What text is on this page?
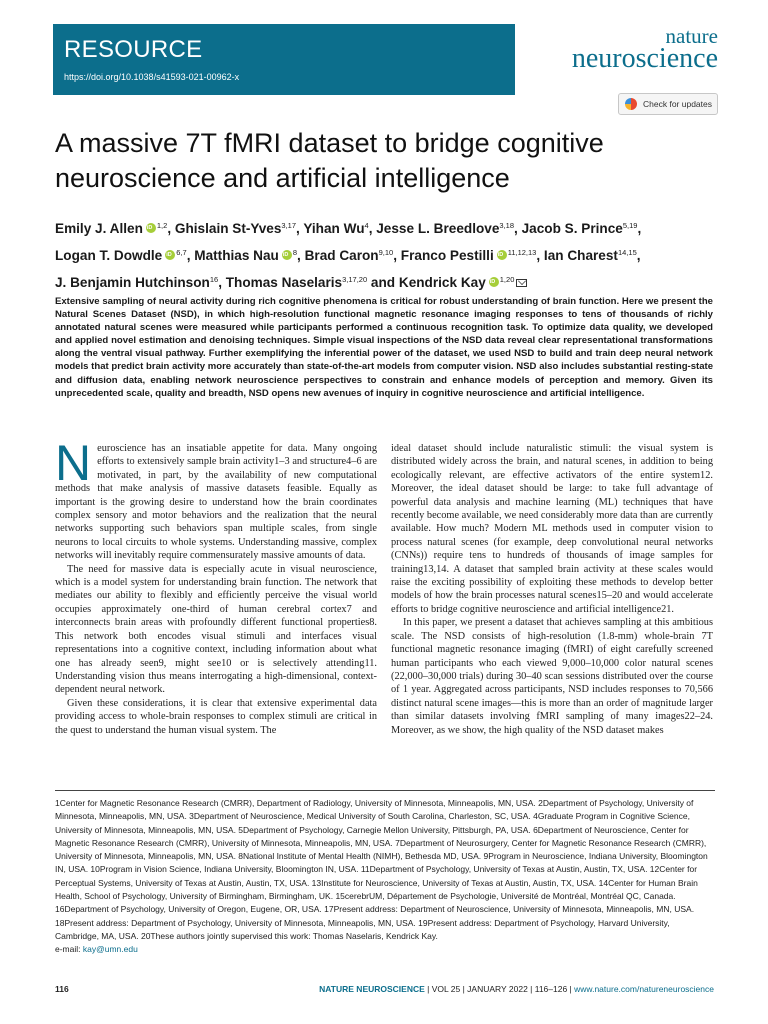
RESOURCE
https://doi.org/10.1038/s41593-021-00962-x
nature
neuroscience
Check for updates
A massive 7T fMRI dataset to bridge cognitive neuroscience and artificial intelligence
Emily J. Allen iD $^{1,2}$, Ghislain St-Yves$^{3,17}$, Yihan Wu$^4$, Jesse L. Breedlove$^{3,18}$, Jacob S. Prince$^{5,19}$,
Logan T. Dowdle iD $^{6,7}$, Matthias Nau iD $^8$, Brad Caron$^{9,10}$, Franco Pestilli iD $^{11,12,13}$, Ian Charest$^{14,15}$,
J. Benjamin Hutchinson$^{16}$, Thomas Naselaris$^{3,17,20}$ and Kendrick Kay iD $^{1,20}$

Extensive sampling of neural activity during rich cognitive phenomena is critical for robust understanding of brain function. Here we present the Natural Scenes Dataset (NSD), in which high-resolution functional magnetic resonance imaging responses to tens of thousands of richly annotated natural scenes were measured while participants performed a continuous recognition task. To optimize data quality, we developed and applied novel estimation and denoising techniques. Simple visual inspections of the NSD data reveal clear representational transformations along the ventral visual pathway. Further exemplifying the inferential power of the dataset, we used NSD to build and train deep neural network models that predict brain activity more accurately than state-of-the-art models from computer vision. NSD also includes substantial resting-state and diffusion data, enabling network neuroscience perspectives to constrain and enhance models of perception and memory. Given its unprecedented scale, quality and breadth, NSD opens new avenues of inquiry in cognitive neuroscience and artificial intelligence.

Neuroscience has an insatiable appetite for data. Many ongoing efforts to extensively sample brain activity1–3 and structure4–6 are motivated, in part, by the availability of new computational methods that make analysis of massive datasets feasible. Equally as important is the growing desire to understand how the brain coordinates complex sensory and motor behaviors and the realization that the neural networks supporting such behaviors span multiple scales, from single neurons to local circuits to whole systems. Understanding massive, complex networks will inevitably require commensurately massive amounts of data.

The need for massive data is especially acute in visual neuroscience, which is a model system for understanding brain function. The network that mediates our ability to flexibly and efficiently perceive the visual world occupies approximately one-third of human cerebral cortex7 and interconnects brain areas with profoundly different functional properties8. This network both encodes visual stimuli and interfaces visual representations into a cognitive context, including information about what one has already seen9, might see10 or is selectively attending11. Understanding vision thus means interrogating a high-dimensional, context-dependent neural network.

Given these considerations, it is clear that extensive experimental data providing access to whole-brain responses to complex stimuli are critical in the quest to understand the human visual system. The

ideal dataset should include naturalistic stimuli: the visual system is distributed widely across the brain, and natural scenes, in addition to being ecologically relevant, are effective activators of the entire system12. Moreover, the ideal dataset should be large: to take full advantage of powerful data analysis and machine learning (ML) techniques that have recently become available, we need considerably more data than are currently available. How much? Modern ML methods used in computer vision to process natural scenes (for example, deep convolutional neural networks (CNNs)) require tens to hundreds of thousands of image samples for training13,14. A dataset that sampled brain activity at these scales would raise the exciting possibility of exploiting these methods to develop better models of how the brain processes natural scenes15–20 and would accelerate efforts to bridge cognitive neuroscience and artificial intelligence21.

In this paper, we present a dataset that achieves sampling at this ambitious scale. The NSD consists of high-resolution (1.8-mm) whole-brain 7T functional magnetic resonance imaging (fMRI) of eight carefully screened human participants who each viewed 9,000–10,000 color natural scenes (22,000–30,000 trials) during 30–40 scan sessions distributed over the course of 1 year. Aggregated across participants, NSD includes responses to 70,566 distinct natural scene images—this is more than an order of magnitude larger than similar datasets involving fMRI sampling of many images22–24. Moreover, as we show, the high quality of the NSD dataset makes

1Center for Magnetic Resonance Research (CMRR), Department of Radiology, University of Minnesota, Minneapolis, MN, USA. 2Department of Psychology, University of Minnesota, Minneapolis, MN, USA. 3Department of Neuroscience, Medical University of South Carolina, Charleston, SC, USA. 4Graduate Program in Cognitive Science, University of Minnesota, Minneapolis, MN, USA. 5Department of Psychology, Carnegie Mellon University, Pittsburgh, PA, USA. 6Department of Neuroscience, Center for Magnetic Resonance Research (CMRR), University of Minnesota, Minneapolis, MN, USA. 7Department of Neurosurgery, Center for Magnetic Resonance Research (CMRR), University of Minnesota, Minneapolis, MN, USA. 8National Institute of Mental Health (NIMH), Bethesda MD, USA. 9Program in Neuroscience, Indiana University, Bloomington IN, USA. 10Program in Vision Science, Indiana University, Bloomington IN, USA. 11Department of Psychology, University of Texas at Austin, Austin, TX, USA. 12Center for Perceptual Systems, University of Texas at Austin, Austin, TX, USA. 13Institute for Neuroscience, University of Texas at Austin, Austin, TX, USA. 14Center for Human Brain Health, School of Psychology, University of Birmingham, Birmingham, UK. 15cerebrUM, Département de Psychologie, Université de Montréal, Montréal QC, Canada. 16Department of Psychology, University of Oregon, Eugene, OR, USA. 17Present address: Department of Neuroscience, University of Minnesota, Minneapolis, MN, USA. 18Present address: Department of Psychology, University of Minnesota, Minneapolis, MN, USA. 19Present address: Department of Psychology, Harvard University, Cambridge, MA, USA. 20These authors jointly supervised this work: Thomas Naselaris, Kendrick Kay.
e-mail: kay@umn.edu
116	NATURE NEUROSCIENCE | VOL 25 | JANUARY 2022 | 116–126 | www.nature.com/natureneuroscience
